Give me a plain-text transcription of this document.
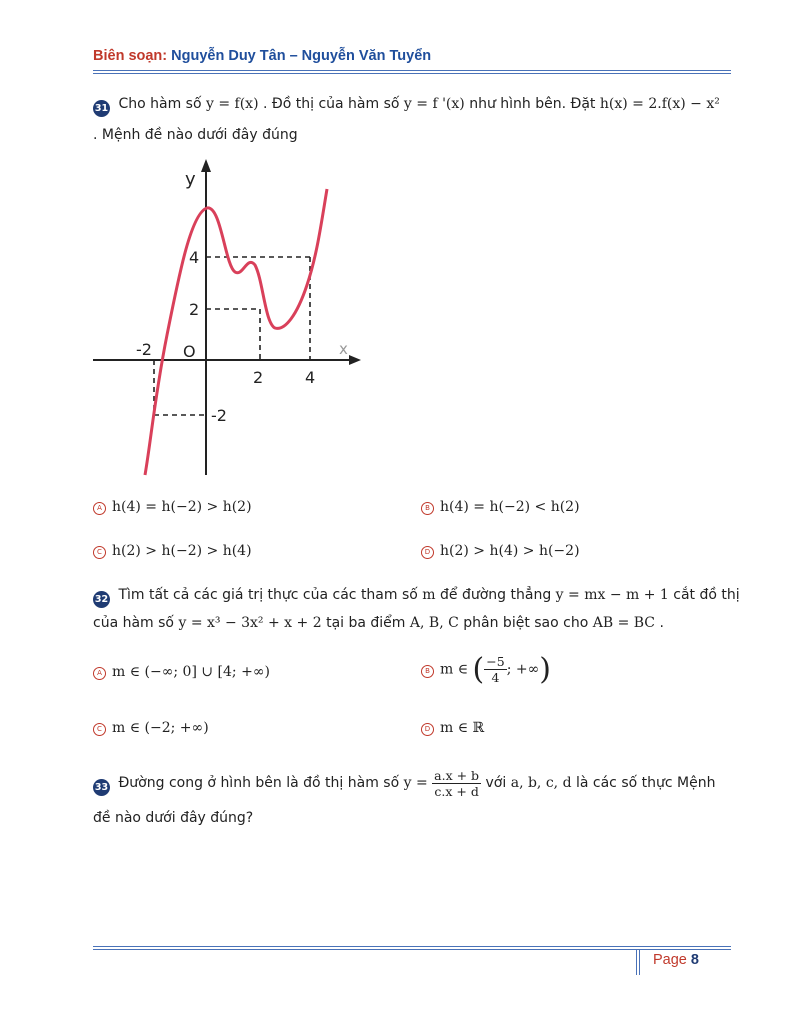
Biên soạn: Nguyễn Duy Tân – Nguyễn Văn Tuyển
31 Cho hàm số y = f(x) . Đồ thị của hàm số y = f '(x) như hình bên. Đặt h(x) = 2.f(x) − x²
. Mệnh đề nào dưới đây đúng
y
x
O
-2
2	4
4
2
-2
A h(4) = h(−2) > h(2)	B h(4) = h(−2) < h(2)
C h(2) > h(−2) > h(4)	D h(2) > h(4) > h(−2)
32 Tìm tất cả các giá trị thực của các tham số m để đường thẳng y = mx − m + 1 cắt đồ thị
của hàm số y = x³ − 3x² + x + 2 tại ba điểm A, B, C phân biệt sao cho AB = BC .
A m ∈ (−∞; 0] ∪ [4; +∞)	B m ∈ ( $\frac{-5}{4}$ ; +∞)
C m ∈ (−2; +∞)	D m ∈ ℝ
33 Đường cong ở hình bên là đồ thị hàm số $y = \frac{a.x + b}{c.x + d}$ với a, b, c, d là các số thực Mệnh
đề nào dưới đây đúng?
Page 8
